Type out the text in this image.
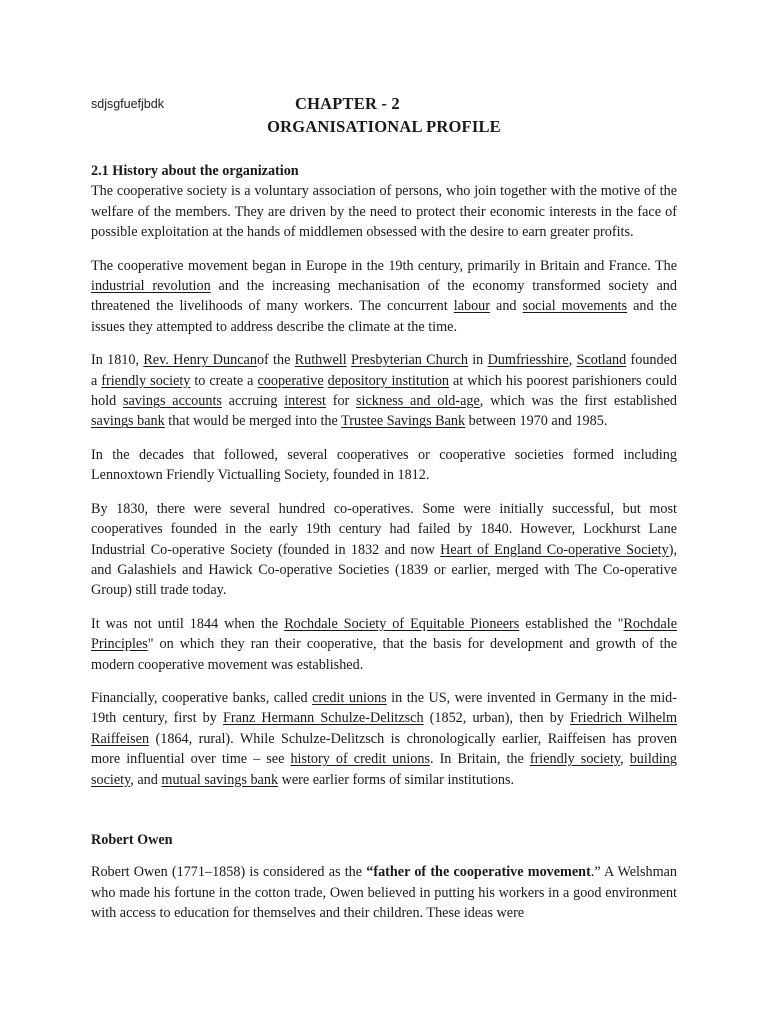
sdjsgfuefjbdk	CHAPTER - 2
ORGANISATIONAL PROFILE
2.1 History about the organization

The cooperative society is a voluntary association of persons, who join together with the motive of the welfare of the members. They are driven by the need to protect their economic interests in the face of possible exploitation at the hands of middlemen obsessed with the desire to earn greater profits.

The cooperative movement began in Europe in the 19th century, primarily in Britain and France. The industrial revolution and the increasing mechanisation of the economy transformed society and threatened the livelihoods of many workers. The concurrent labour and social movements and the issues they attempted to address describe the climate at the time.

In 1810, Rev. Henry Duncanof the Ruthwell Presbyterian Church in Dumfriesshire, Scotland founded a friendly society to create a cooperative depository institution at which his poorest parishioners could hold savings accounts accruing interest for sickness and old-age, which was the first established savings bank that would be merged into the Trustee Savings Bank between 1970 and 1985.

In the decades that followed, several cooperatives or cooperative societies formed including Lennoxtown Friendly Victualling Society, founded in 1812.

By 1830, there were several hundred co-operatives. Some were initially successful, but most cooperatives founded in the early 19th century had failed by 1840. However, Lockhurst Lane Industrial Co-operative Society (founded in 1832 and now Heart of England Co-operative Society), and Galashiels and Hawick Co-operative Societies (1839 or earlier, merged with The Co-operative Group) still trade today.

It was not until 1844 when the Rochdale Society of Equitable Pioneers established the "Rochdale Principles" on which they ran their cooperative, that the basis for development and growth of the modern cooperative movement was established.

Financially, cooperative banks, called credit unions in the US, were invented in Germany in the mid-19th century, first by Franz Hermann Schulze-Delitzsch (1852, urban), then by Friedrich Wilhelm Raiffeisen (1864, rural). While Schulze-Delitzsch is chronologically earlier, Raiffeisen has proven more influential over time – see history of credit unions. In Britain, the friendly society, building society, and mutual savings bank were earlier forms of similar institutions.

Robert Owen

Robert Owen (1771–1858) is considered as the “father of the cooperative movement.” A Welshman who made his fortune in the cotton trade, Owen believed in putting his workers in a good environment with access to education for themselves and their children. These ideas were
